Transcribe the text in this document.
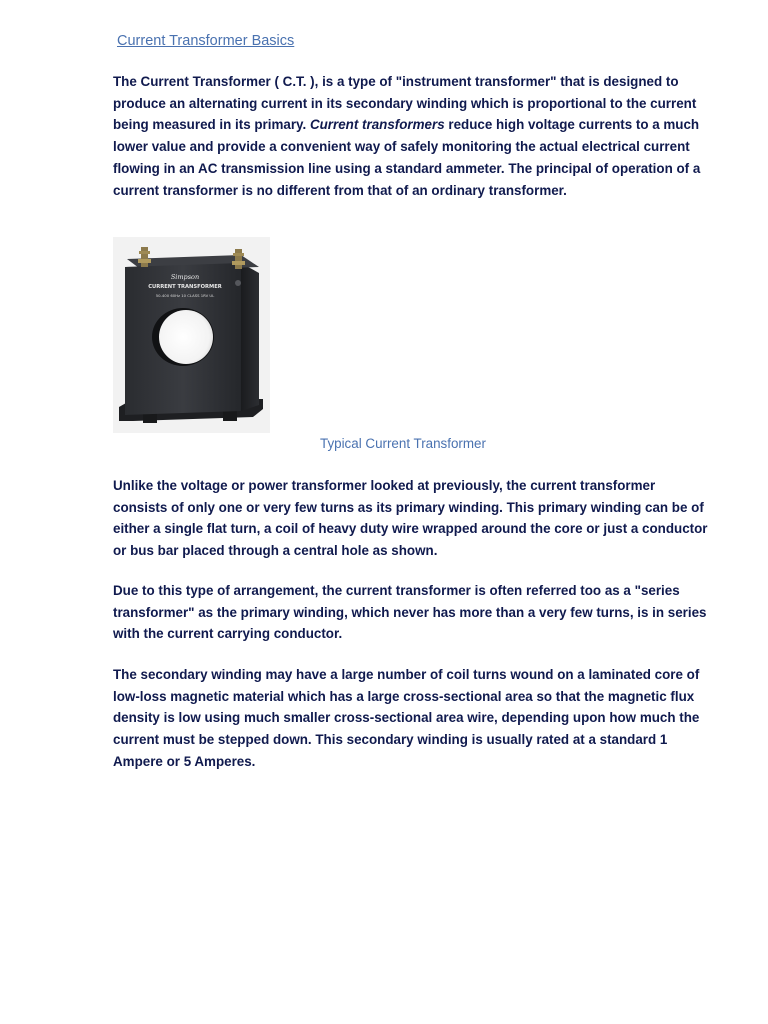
Current Transformer Basics

The Current Transformer ( C.T. ), is a type of "instrument transformer" that is designed to produce an alternating current in its secondary winding which is proportional to the current being measured in its primary. Current transformers reduce high voltage currents to a much lower value and provide a convenient way of safely monitoring the actual electrical current flowing in an AC transmission line using a standard ammeter. The principal of operation of a current transformer is no different from that of an ordinary transformer.

Simpson
CURRENT TRANSFORMER
50-400 60Hz 10 CLASS 1RV UL

Typical Current Transformer

Unlike the voltage or power transformer looked at previously, the current transformer consists of only one or very few turns as its primary winding. This primary winding can be of either a single flat turn, a coil of heavy duty wire wrapped around the core or just a conductor or bus bar placed through a central hole as shown.

Due to this type of arrangement, the current transformer is often referred too as a "series transformer" as the primary winding, which never has more than a very few turns, is in series with the current carrying conductor.

The secondary winding may have a large number of coil turns wound on a laminated core of low-loss magnetic material which has a large cross-sectional area so that the magnetic flux density is low using much smaller cross-sectional area wire, depending upon how much the current must be stepped down. This secondary winding is usually rated at a standard 1 Ampere or 5 Amperes.
